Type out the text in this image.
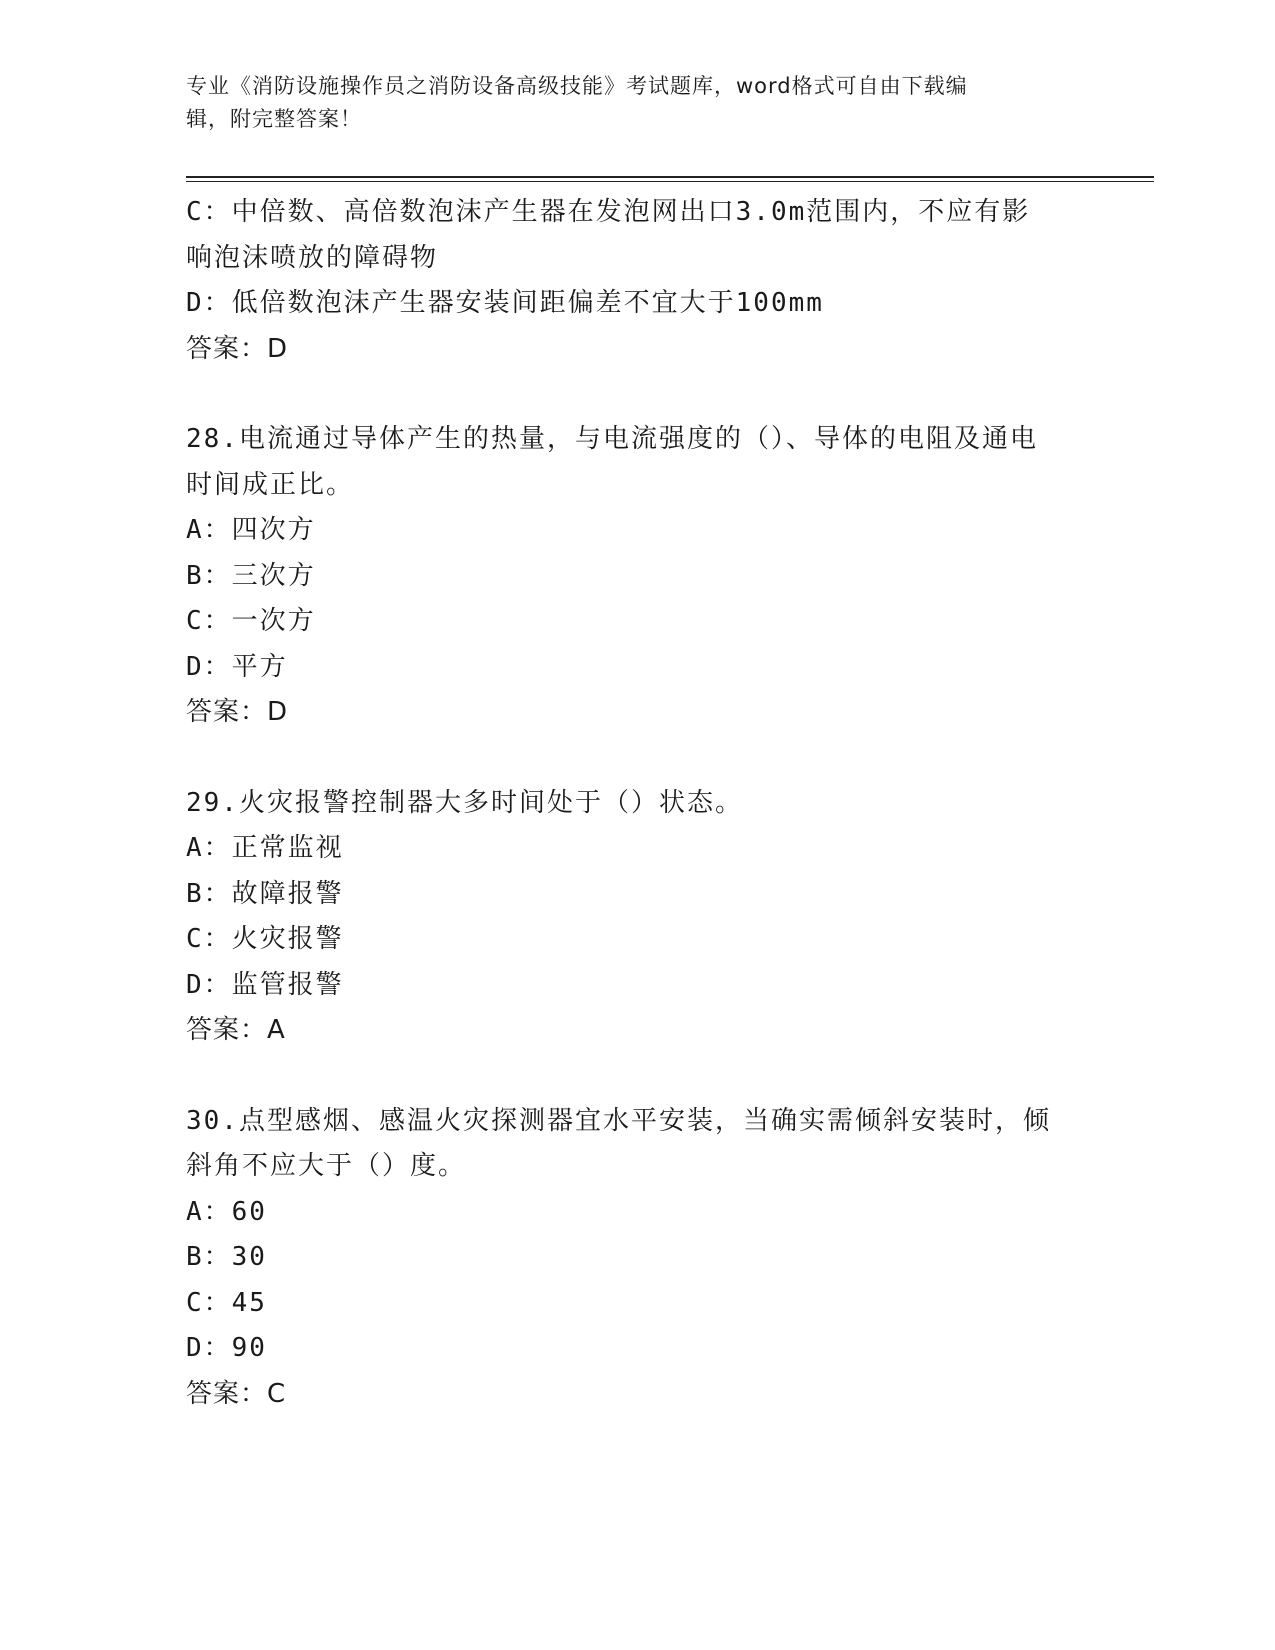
专业《消防设施操作员之消防设备高级技能》考试题库，word格式可自由下载编
辑，附完整答案！
C：中倍数、高倍数泡沫产生器在发泡网出口3.0m范围内，不应有影
响泡沫喷放的障碍物
D：低倍数泡沫产生器安装间距偏差不宜大于100mm
答案：D
28.电流通过导体产生的热量，与电流强度的（）、导体的电阻及通电
时间成正比。
A：四次方
B：三次方
C：一次方
D：平方
答案：D
29.火灾报警控制器大多时间处于（）状态。
A：正常监视
B：故障报警
C：火灾报警
D：监管报警
答案：A
30.点型感烟、感温火灾探测器宜水平安装，当确实需倾斜安装时，倾
斜角不应大于（）度。
A：60
B：30
C：45
D：90
答案：C
